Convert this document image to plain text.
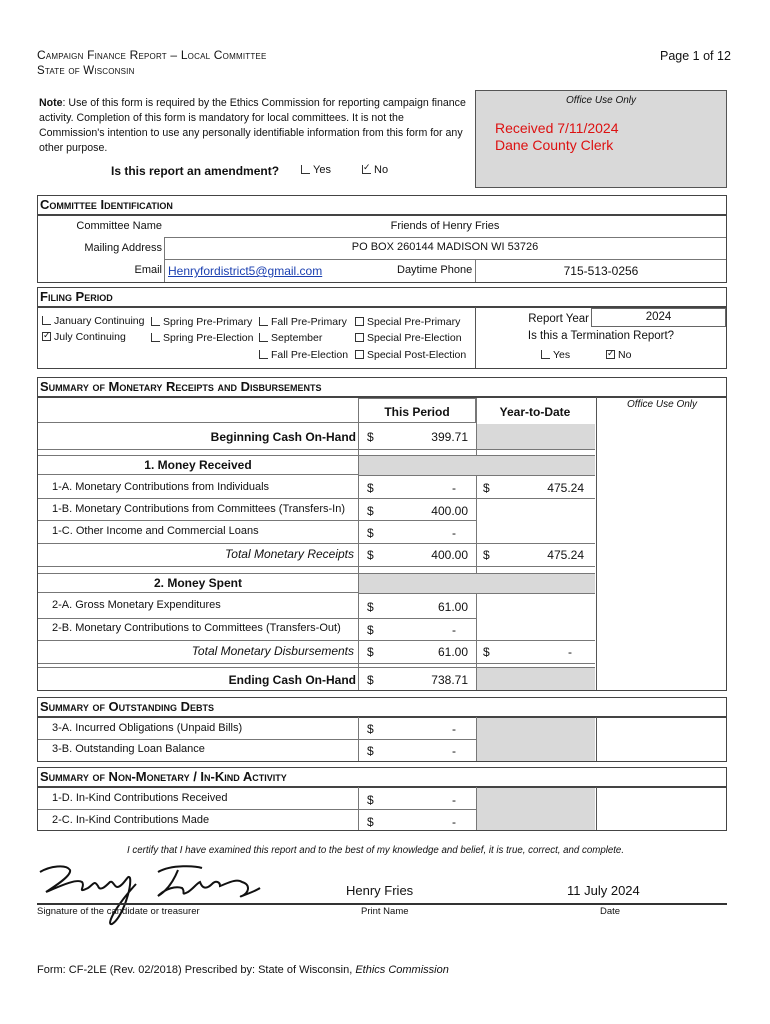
Campaign Finance Report – Local Committee
State of Wisconsin
Page 1 of 12
Note: Use of this form is required by the Ethics Commission for reporting campaign finance activity. Completion of this form is mandatory for local committees. It is not the Commission's intention to use any personally identifiable information from this form for any other purpose.
Is this report an amendment?	Yes ✓	No
Office Use Only
Received 7/11/2024
Dane County Clerk
Committee Identification
Committee Name	Friends of Henry Fries
Mailing Address	PO BOX 260144 MADISON WI 53726
Email Henryfordistrict5@gmail.com	Daytime Phone	715-513-0256
Filing Period
January Continuing
✓July Continuing
Spring Pre-Primary
Spring Pre-Election
Fall Pre-Primary
September
Fall Pre-Election
Special Pre-Primary
Special Pre-Election
Special Post-Election
Report Year	2024
Is this a Termination Report?
Yes ✓	No
Summary of Monetary Receipts and Disbursements
Office Use Only
This Period	Year-to-Date
Beginning Cash On-Hand $	399.71
1. Money Received
1-A. Monetary Contributions from Individuals	$	- $	475.24
1-B. Monetary Contributions from Committees (Transfers-In) $	400.00
1-C. Other Income and Commercial Loans	$	-
Total Monetary Receipts $	400.00 $	475.24
2. Money Spent
2-A. Gross Monetary Expenditures	$	61.00
2-B. Monetary Contributions to Committees (Transfers-Out) $	-
Total Monetary Disbursements $	61.00 $	-
Ending Cash On-Hand $	738.71
Summary of Outstanding Debts
3-A. Incurred Obligations (Unpaid Bills)	$	-
3-B. Outstanding Loan Balance	$	-
Summary of Non-Monetary / In-Kind Activity
1-D. In-Kind Contributions Received	$	-
2-C. In-Kind Contributions Made	$	-
I certify that I have examined this report and to the best of my knowledge and belief, it is true, correct, and complete.
Signature of the candidate or treasurer
Henry Fries
Print Name
11 July 2024
Date
Form: CF-2LE (Rev. 02/2018) Prescribed by: State of Wisconsin, Ethics Commission
